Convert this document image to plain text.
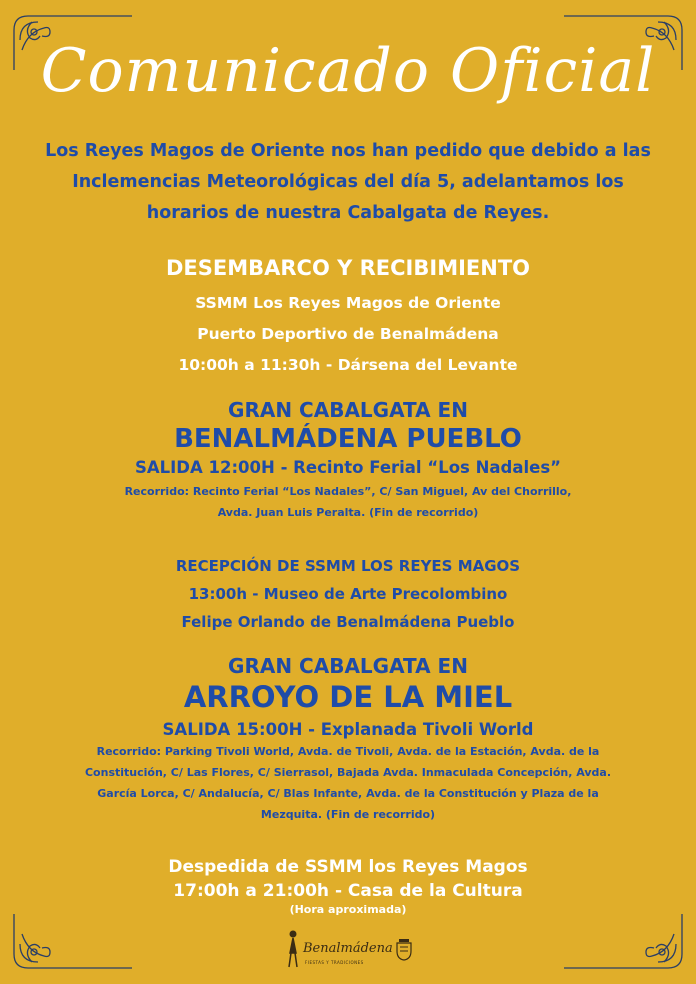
Comunicado Oficial
Los Reyes Magos de Oriente nos han pedido que debido a las Inclemencias Meteorológicas del día 5, adelantamos los horarios de nuestra Cabalgata de Reyes.
DESEMBARCO Y RECIBIMIENTO
SSMM Los Reyes Magos de Oriente
Puerto Deportivo de Benalmádena
10:00h a 11:30h - Dársena del Levante
GRAN CABALGATA EN
BENALMÁDENA PUEBLO
SALIDA 12:00H - Recinto Ferial “Los Nadales”
Recorrido: Recinto Ferial “Los Nadales”, C/ San Miguel, Av del Chorrillo, Avda. Juan Luis Peralta. (Fin de recorrido)
RECEPCIÓN DE SSMM LOS REYES MAGOS
13:00h - Museo de Arte Precolombino
Felipe Orlando de Benalmádena Pueblo
GRAN CABALGATA EN
ARROYO DE LA MIEL
SALIDA 15:00H - Explanada Tivoli World
Recorrido: Parking Tivoli World, Avda. de Tivoli, Avda. de la Estación, Avda. de la Constitución, C/ Las Flores, C/ Sierrasol, Bajada Avda. Inmaculada Concepción, Avda. García Lorca, C/ Andalucía, C/ Blas Infante, Avda. de la Constitución y Plaza de la Mezquita. (Fin de recorrido)
Despedida de SSMM los Reyes Magos
17:00h a 21:00h - Casa de la Cultura
(Hora aproximada)
Benalmádena
FIESTAS Y TRADICIONES
